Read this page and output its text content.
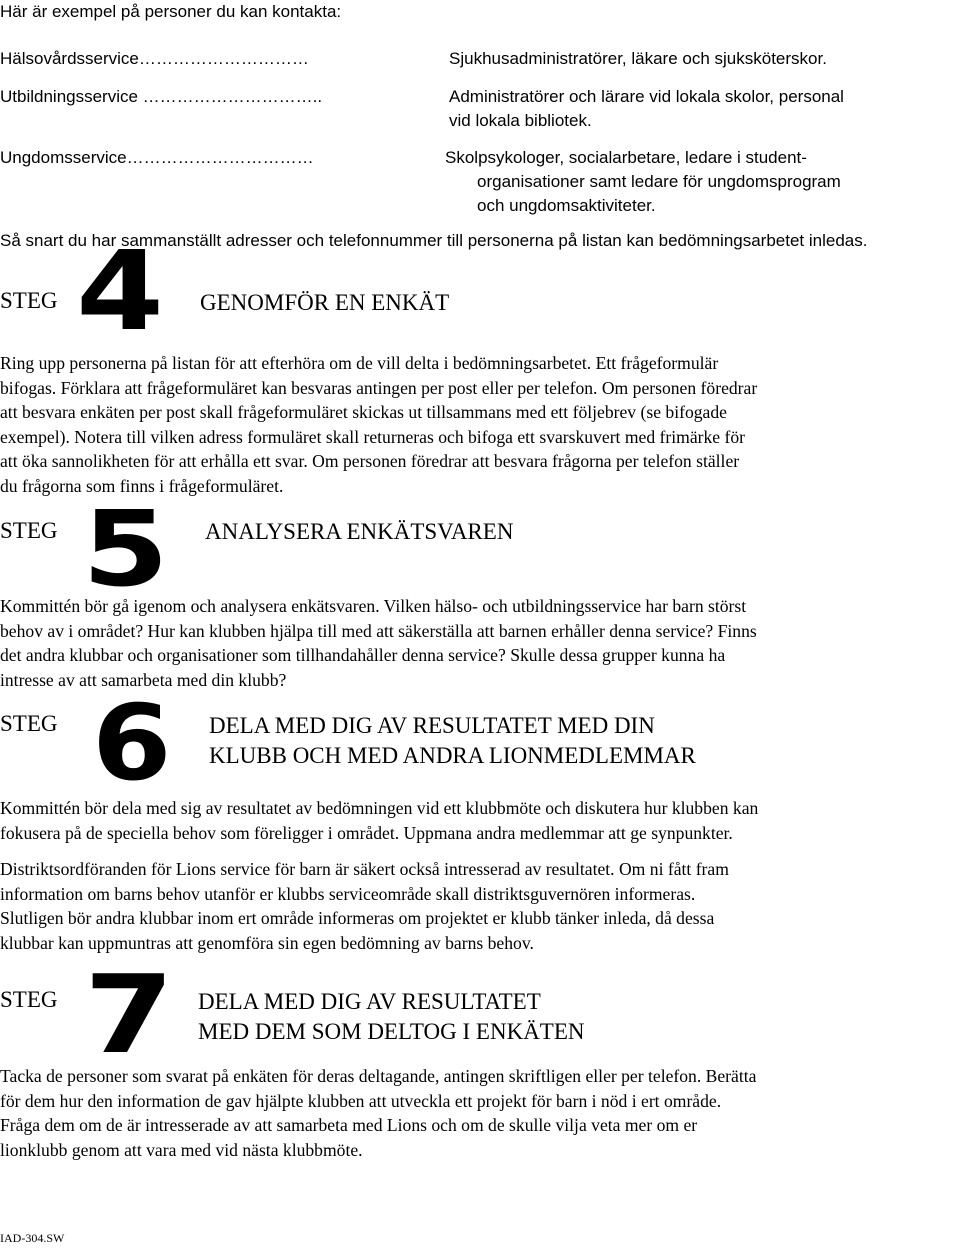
Här är exempel på personer du kan kontakta:
Hälsovårdsservice…………………………	Sjukhusadministratörer, läkare och sjuksköterskor.
Utbildningsservice …………………………..	Administratörer och lärare vid lokala skolor, personal
vid lokala bibliotek.
Ungdomsservice……………………………	Skolpsykologer, socialarbetare, ledare i student-
organisationer samt ledare för ungdomsprogram
och ungdomsaktiviteter.
Så snart du har sammanställt adresser och telefonnummer till personerna på listan kan bedömningsarbetet inledas.
STEG 4 GENOMFÖR EN ENKÄT
Ring upp personerna på listan för att efterhöra om de vill delta i bedömningsarbetet. Ett frågeformulär
bifogas. Förklara att frågeformuläret kan besvaras antingen per post eller per telefon. Om personen föredrar
att besvara enkäten per post skall frågeformuläret skickas ut tillsammans med ett följebrev (se bifogade
exempel). Notera till vilken adress formuläret skall returneras och bifoga ett svarskuvert med frimärke för
att öka sannolikheten för att erhålla ett svar. Om personen föredrar att besvara frågorna per telefon ställer
du frågorna som finns i frågeformuläret.
STEG 5 ANALYSERA ENKÄTSVAREN
Kommittén bör gå igenom och analysera enkätsvaren. Vilken hälso- och utbildningsservice har barn störst
behov av i området? Hur kan klubben hjälpa till med att säkerställa att barnen erhåller denna service? Finns
det andra klubbar och organisationer som tillhandahåller denna service? Skulle dessa grupper kunna ha
intresse av att samarbeta med din klubb?
STEG 6 DELA MED DIG AV RESULTATET MED DIN
KLUBB OCH MED ANDRA LIONMEDLEMMAR
Kommittén bör dela med sig av resultatet av bedömningen vid ett klubbmöte och diskutera hur klubben kan
fokusera på de speciella behov som föreligger i området. Uppmana andra medlemmar att ge synpunkter.
Distriktsordföranden för Lions service för barn är säkert också intresserad av resultatet. Om ni fått fram
information om barns behov utanför er klubbs serviceområde skall distriktsguvernören informeras.
Slutligen bör andra klubbar inom ert område informeras om projektet er klubb tänker inleda, då dessa
klubbar kan uppmuntras att genomföra sin egen bedömning av barns behov.
STEG 7 DELA MED DIG AV RESULTATET
MED DEM SOM DELTOG I ENKÄTEN
Tacka de personer som svarat på enkäten för deras deltagande, antingen skriftligen eller per telefon. Berätta
för dem hur den information de gav hjälpte klubben att utveckla ett projekt för barn i nöd i ert område.
Fråga dem om de är intresserade av att samarbeta med Lions och om de skulle vilja veta mer om er
lionklubb genom att vara med vid nästa klubbmöte.
IAD-304.SW
